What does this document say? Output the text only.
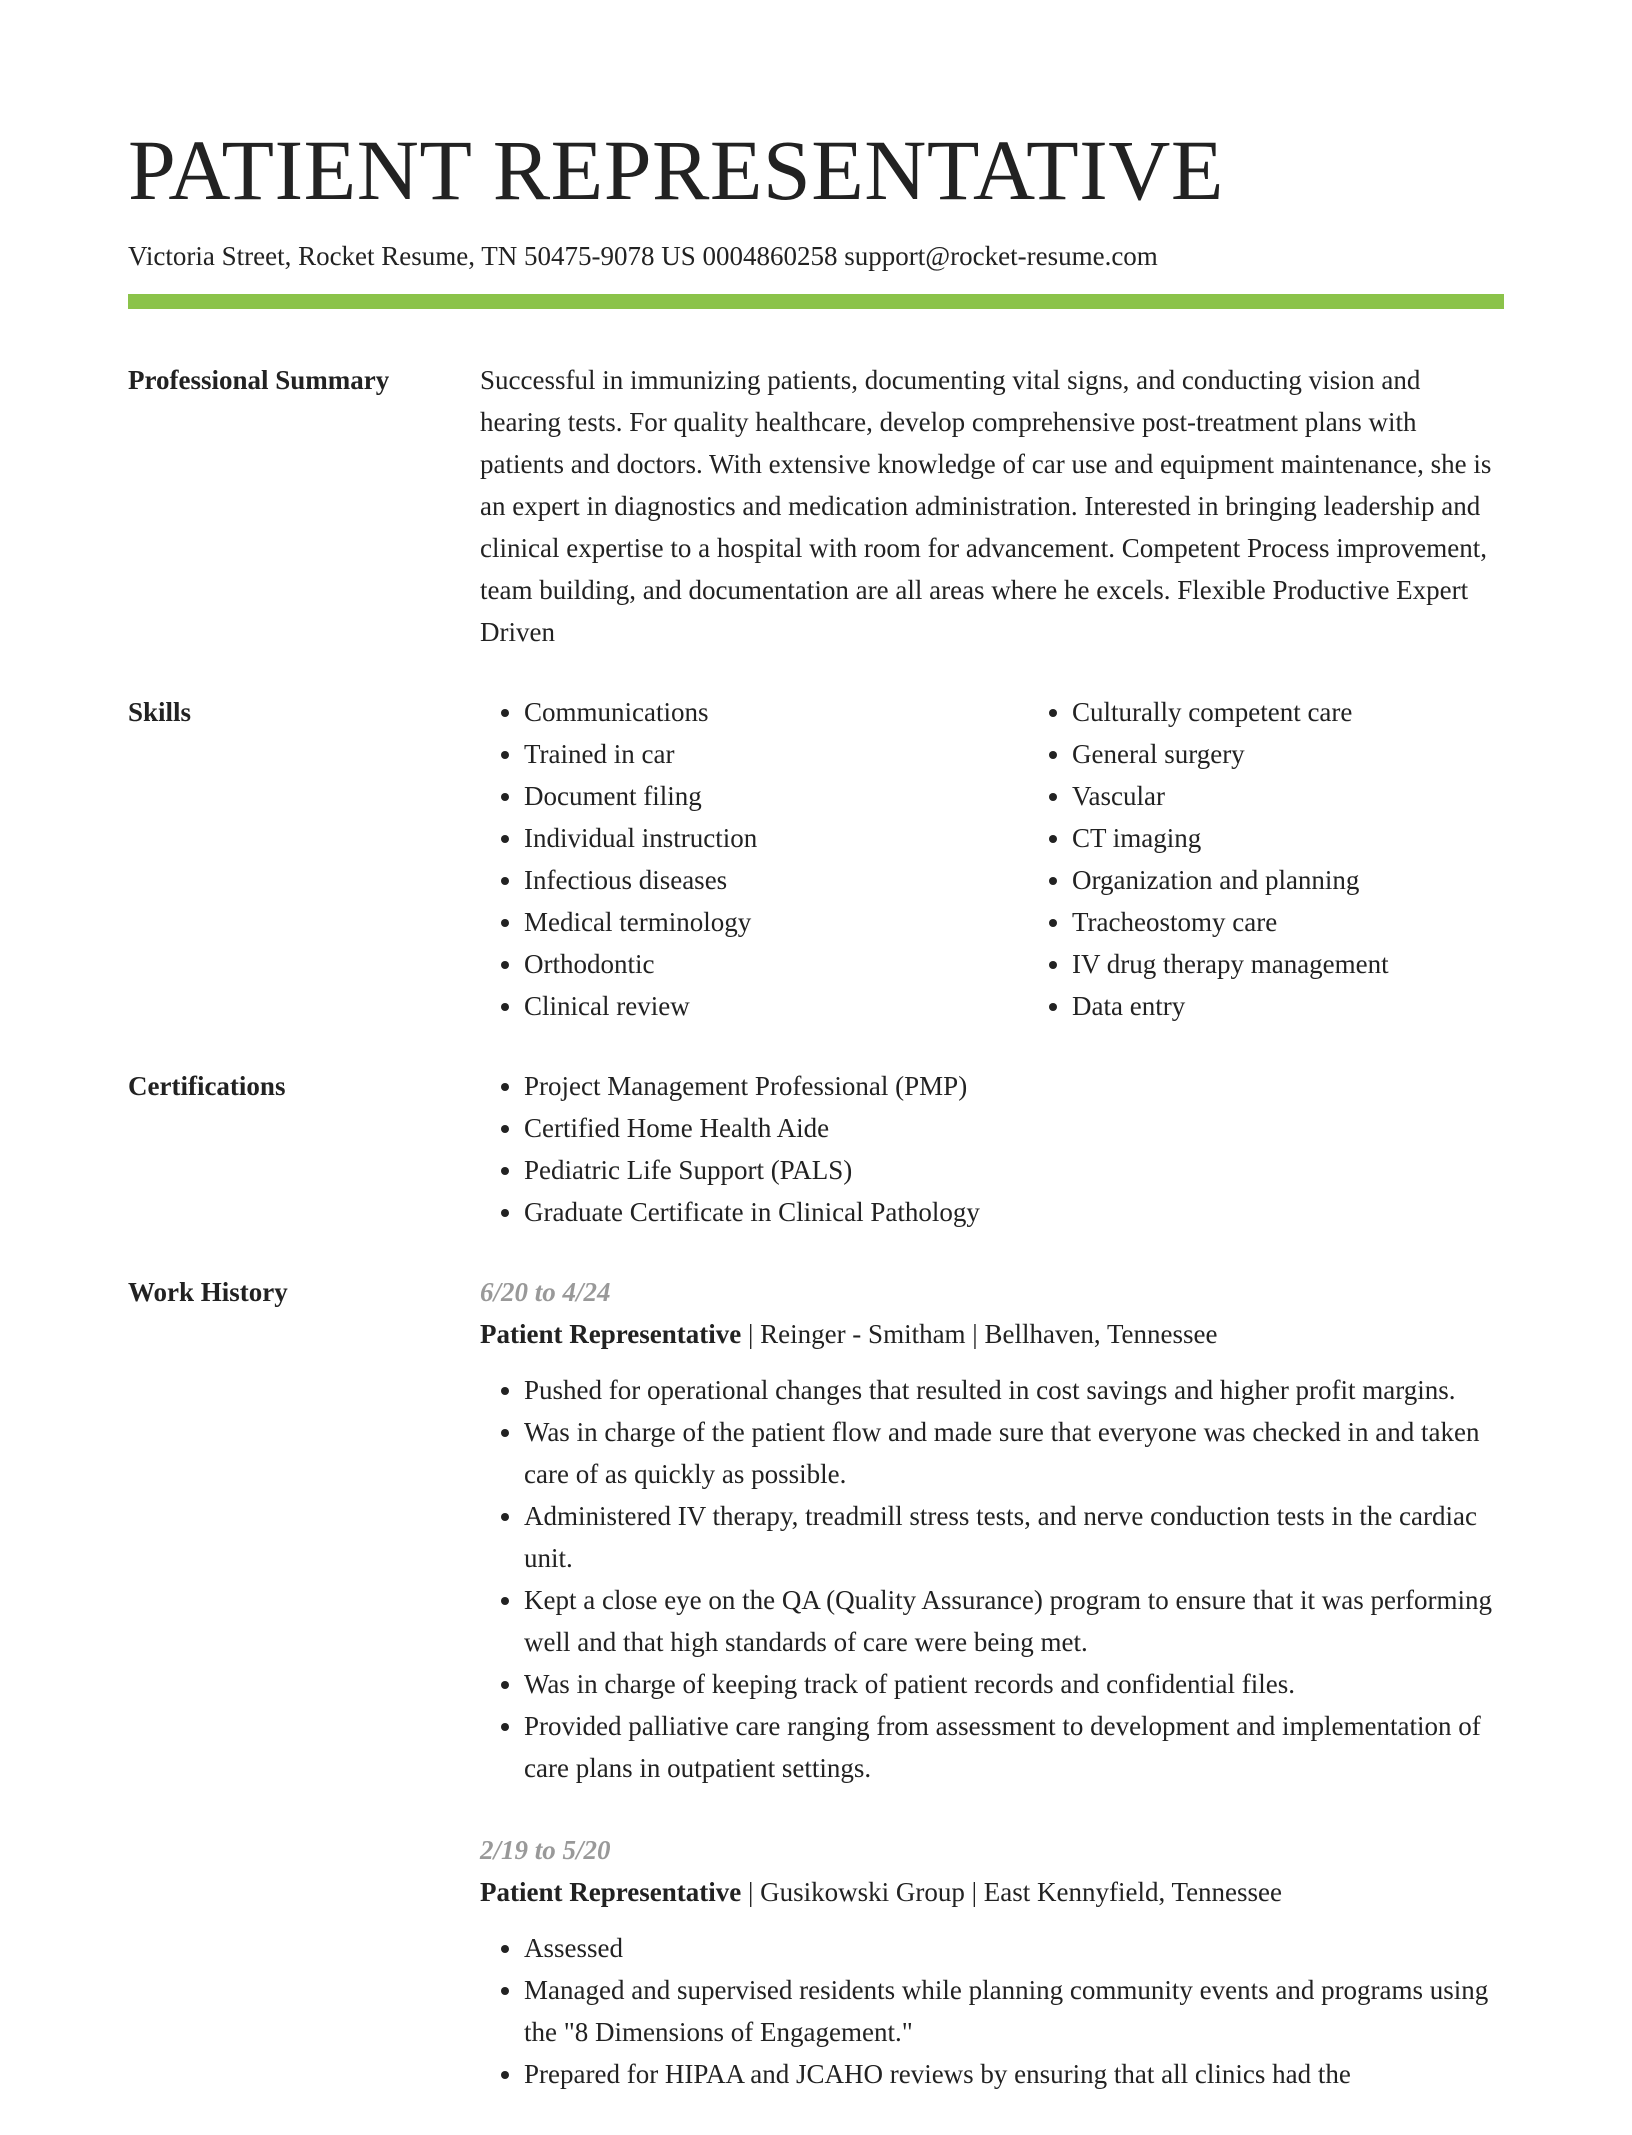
PATIENT REPRESENTATIVE
Victoria Street, Rocket Resume, TN 50475-9078 US 0004860258 support@rocket-resume.com
Professional Summary	Successful in immunizing patients, documenting vital signs, and conducting vision and hearing tests. For quality healthcare, develop comprehensive post-treatment plans with patients and doctors. With extensive knowledge of car use and equipment maintenance, she is an expert in diagnostics and medication administration. Interested in bringing leadership and clinical expertise to a hospital with room for advancement. Competent Process improvement, team building, and documentation are all areas where he excels. Flexible Productive Expert Driven

Skills	• Communications
• Trained in car
• Document filing
• Individual instruction
• Infectious diseases
• Medical terminology
• Orthodontic
• Clinical review
• Culturally competent care
• General surgery
• Vascular
• CT imaging
• Organization and planning
• Tracheostomy care
• IV drug therapy management
• Data entry
Certifications	• Project Management Professional (PMP)
• Certified Home Health Aide
• Pediatric Life Support (PALS)
• Graduate Certificate in Clinical Pathology
Work History	6/20 to 4/24
Patient Representative | Reinger - Smitham | Bellhaven, Tennessee
• Pushed for operational changes that resulted in cost savings and higher profit margins.
• Was in charge of the patient flow and made sure that everyone was checked in and taken care of as quickly as possible.
• Administered IV therapy, treadmill stress tests, and nerve conduction tests in the cardiac unit.
• Kept a close eye on the QA (Quality Assurance) program to ensure that it was performing well and that high standards of care were being met.
• Was in charge of keeping track of patient records and confidential files.
• Provided palliative care ranging from assessment to development and implementation of care plans in outpatient settings.
2/19 to 5/20
Patient Representative | Gusikowski Group | East Kennyfield, Tennessee
• Assessed
• Managed and supervised residents while planning community events and programs using the "8 Dimensions of Engagement."
• Prepared for HIPAA and JCAHO reviews by ensuring that all clinics had the
